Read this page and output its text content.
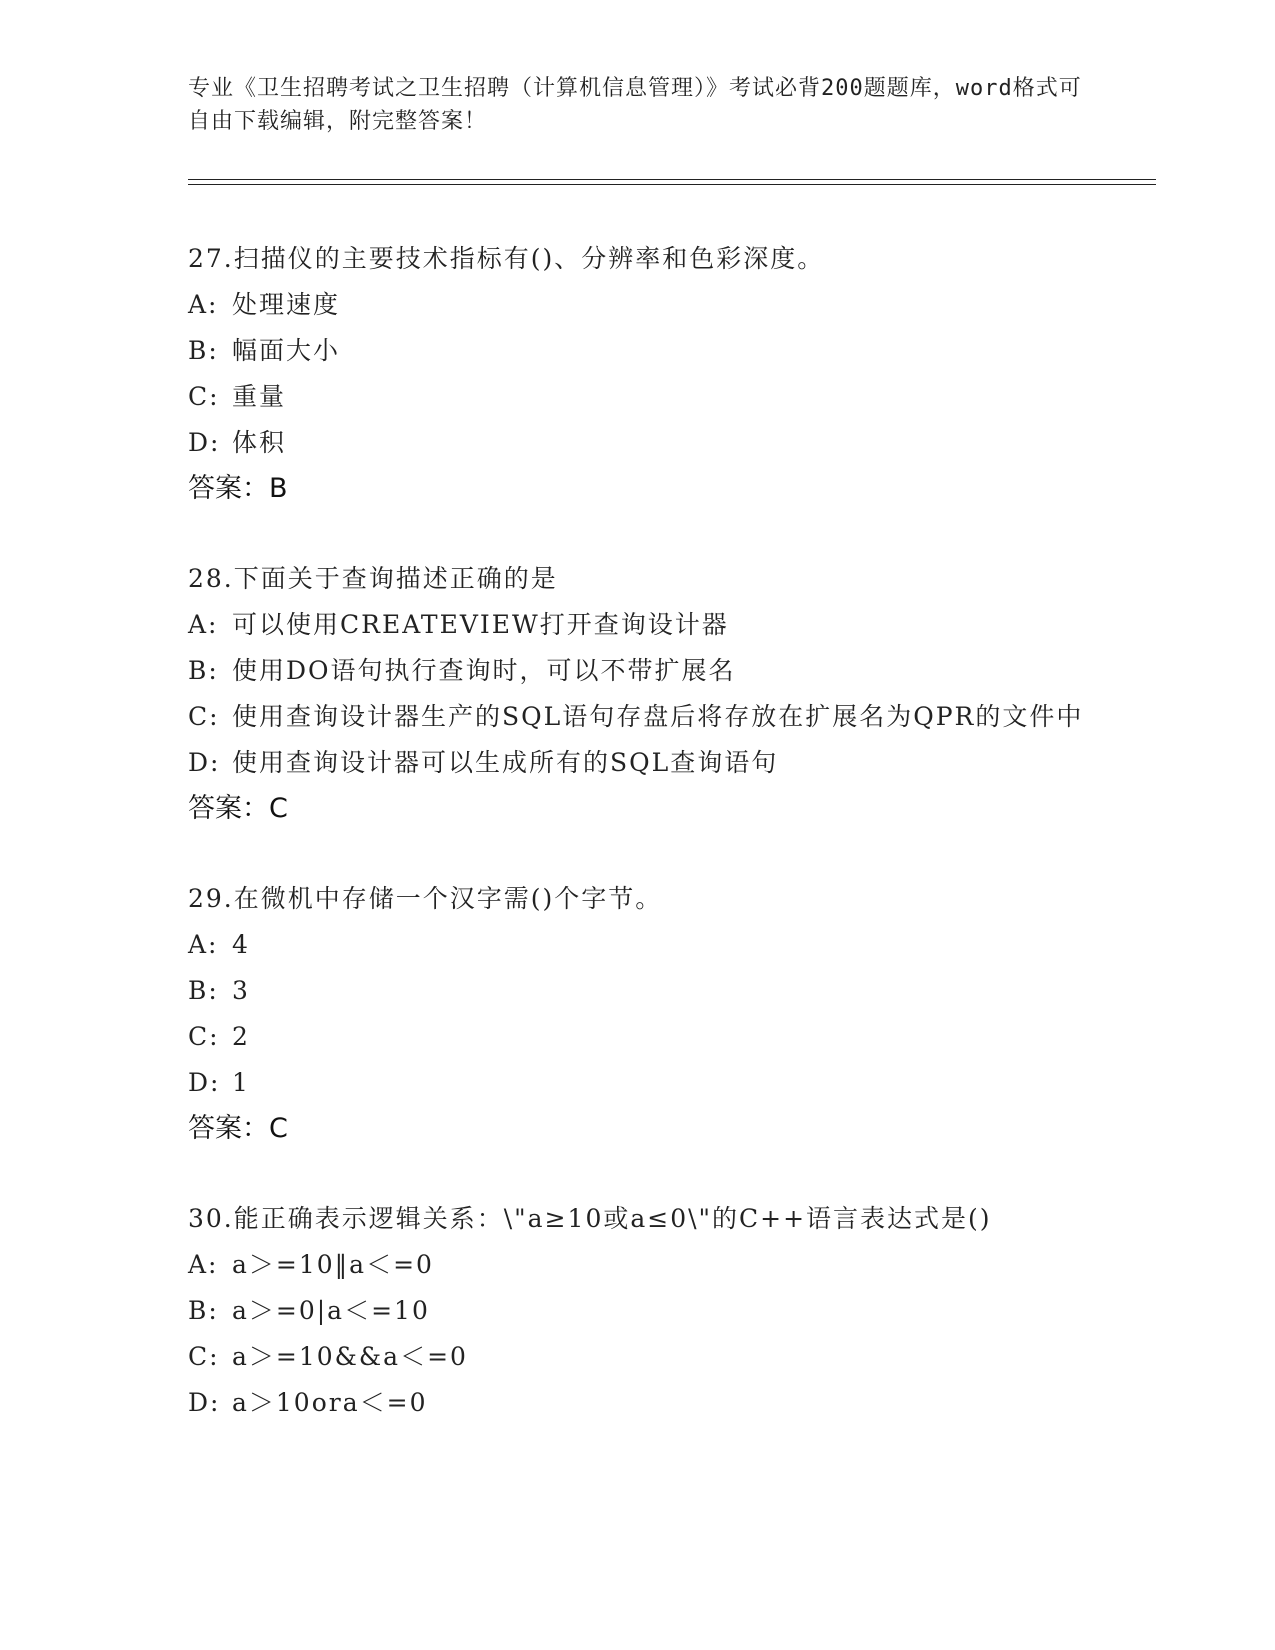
专业《卫生招聘考试之卫生招聘（计算机信息管理）》考试必背200题题库，word格式可自由下载编辑，附完整答案！
27.扫描仪的主要技术指标有()、分辨率和色彩深度。
A: 处理速度
B: 幅面大小
C: 重量
D: 体积
答案：B
28.下面关于查询描述正确的是
A: 可以使用CREATEVIEW打开查询设计器
B: 使用DO语句执行查询时，可以不带扩展名
C: 使用查询设计器生产的SQL语句存盘后将存放在扩展名为QPR的文件中
D: 使用查询设计器可以生成所有的SQL查询语句
答案：C
29.在微机中存储一个汉字需()个字节。
A: 4
B: 3
C: 2
D: 1
答案：C
30.能正确表示逻辑关系：\"a≥10或a≤0\"的C++语言表达式是()
A: a＞=10‖a＜=0
B: a＞=0|a＜=10
C: a＞=10&&a＜=0
D: a＞10ora＜=0
